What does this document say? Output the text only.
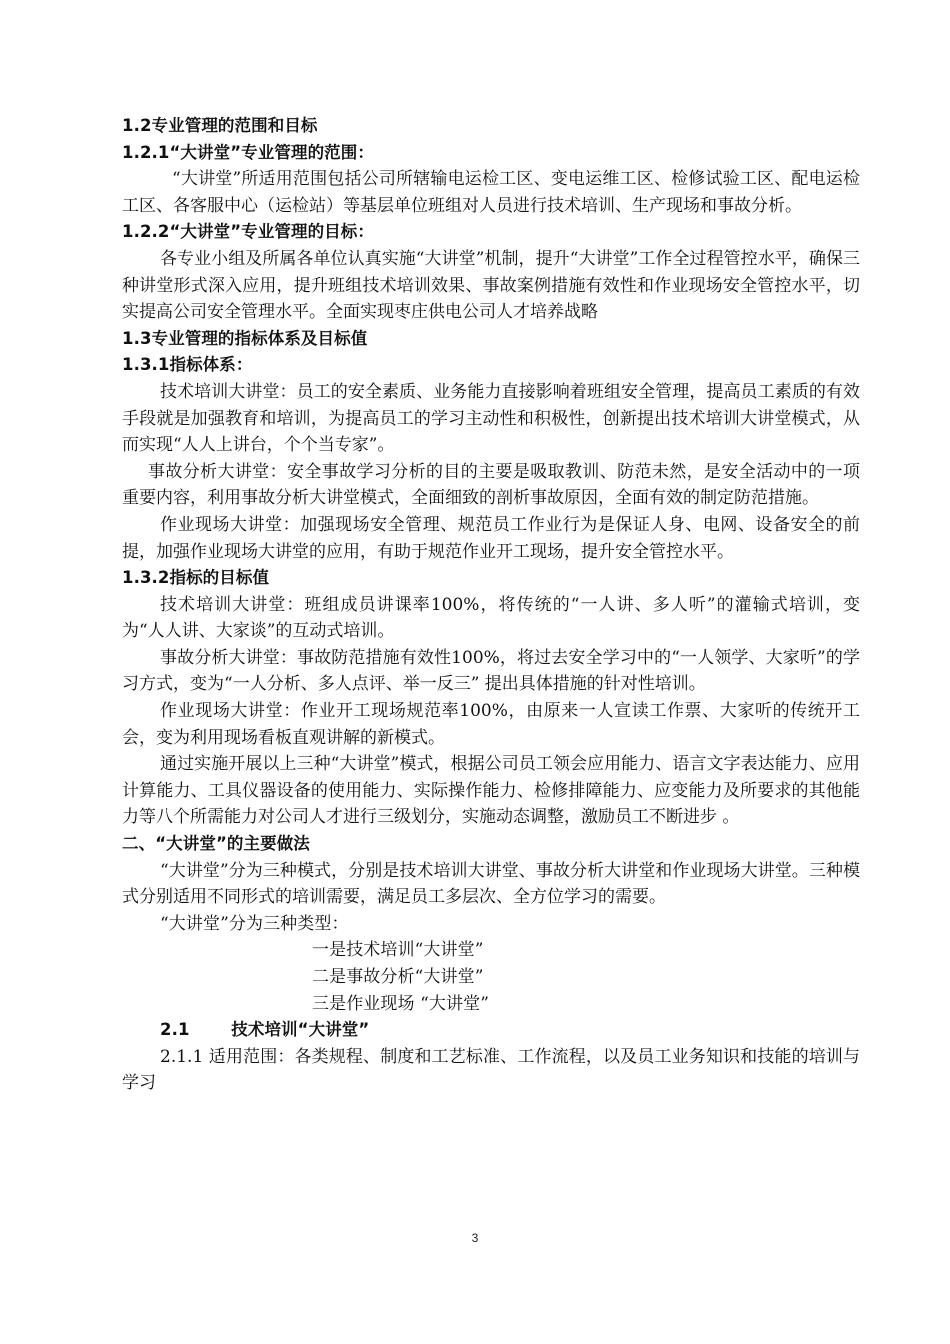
1.2专业管理的范围和目标
1.2.1“大讲堂”专业管理的范围：
“大讲堂”所适用范围包括公司所辖输电运检工区、变电运维工区、检修试验工区、配电运检工区、各客服中心（运检站）等基层单位班组对人员进行技术培训、生产现场和事故分析。
1.2.2“大讲堂”专业管理的目标：
各专业小组及所属各单位认真实施“大讲堂”机制，提升“大讲堂”工作全过程管控水平，确保三种讲堂形式深入应用，提升班组技术培训效果、事故案例措施有效性和作业现场安全管控水平，切实提高公司安全管理水平。全面实现枣庄供电公司人才培养战略
1.3专业管理的指标体系及目标值
1.3.1指标体系：
技术培训大讲堂：员工的安全素质、业务能力直接影响着班组安全管理，提高员工素质的有效手段就是加强教育和培训，为提高员工的学习主动性和积极性，创新提出技术培训大讲堂模式，从而实现“人人上讲台，个个当专家”。
事故分析大讲堂：安全事故学习分析的目的主要是吸取教训、防范未然，是安全活动中的一项重要内容，利用事故分析大讲堂模式，全面细致的剖析事故原因，全面有效的制定防范措施。
作业现场大讲堂：加强现场安全管理、规范员工作业行为是保证人身、电网、设备安全的前提，加强作业现场大讲堂的应用，有助于规范作业开工现场，提升安全管控水平。
1.3.2指标的目标值
技术培训大讲堂：班组成员讲课率100%，将传统的“一人讲、多人听”的灌输式培训，变为“人人讲、大家谈”的互动式培训。
事故分析大讲堂：事故防范措施有效性100%，将过去安全学习中的“一人领学、大家听”的学习方式，变为“一人分析、多人点评、举一反三” 提出具体措施的针对性培训。
作业现场大讲堂：作业开工现场规范率100%，由原来一人宣读工作票、大家听的传统开工会，变为利用现场看板直观讲解的新模式。
通过实施开展以上三种“大讲堂”模式，根据公司员工领会应用能力、语言文字表达能力、应用计算能力、工具仪器设备的使用能力、实际操作能力、检修排障能力、应变能力及所要求的其他能力等八个所需能力对公司人才进行三级划分，实施动态调整，激励员工不断进步 。
二、“大讲堂”的主要做法
“大讲堂”分为三种模式，分别是技术培训大讲堂、事故分析大讲堂和作业现场大讲堂。三种模式分别适用不同形式的培训需要，满足员工多层次、全方位学习的需要。
“大讲堂”分为三种类型：
一是技术培训“大讲堂”
二是事故分析“大讲堂”
三是作业现场 “大讲堂”
2.1	技术培训“大讲堂”
2.1.1 适用范围：各类规程、制度和工艺标准、工作流程，以及员工业务知识和技能的培训与学习
3
